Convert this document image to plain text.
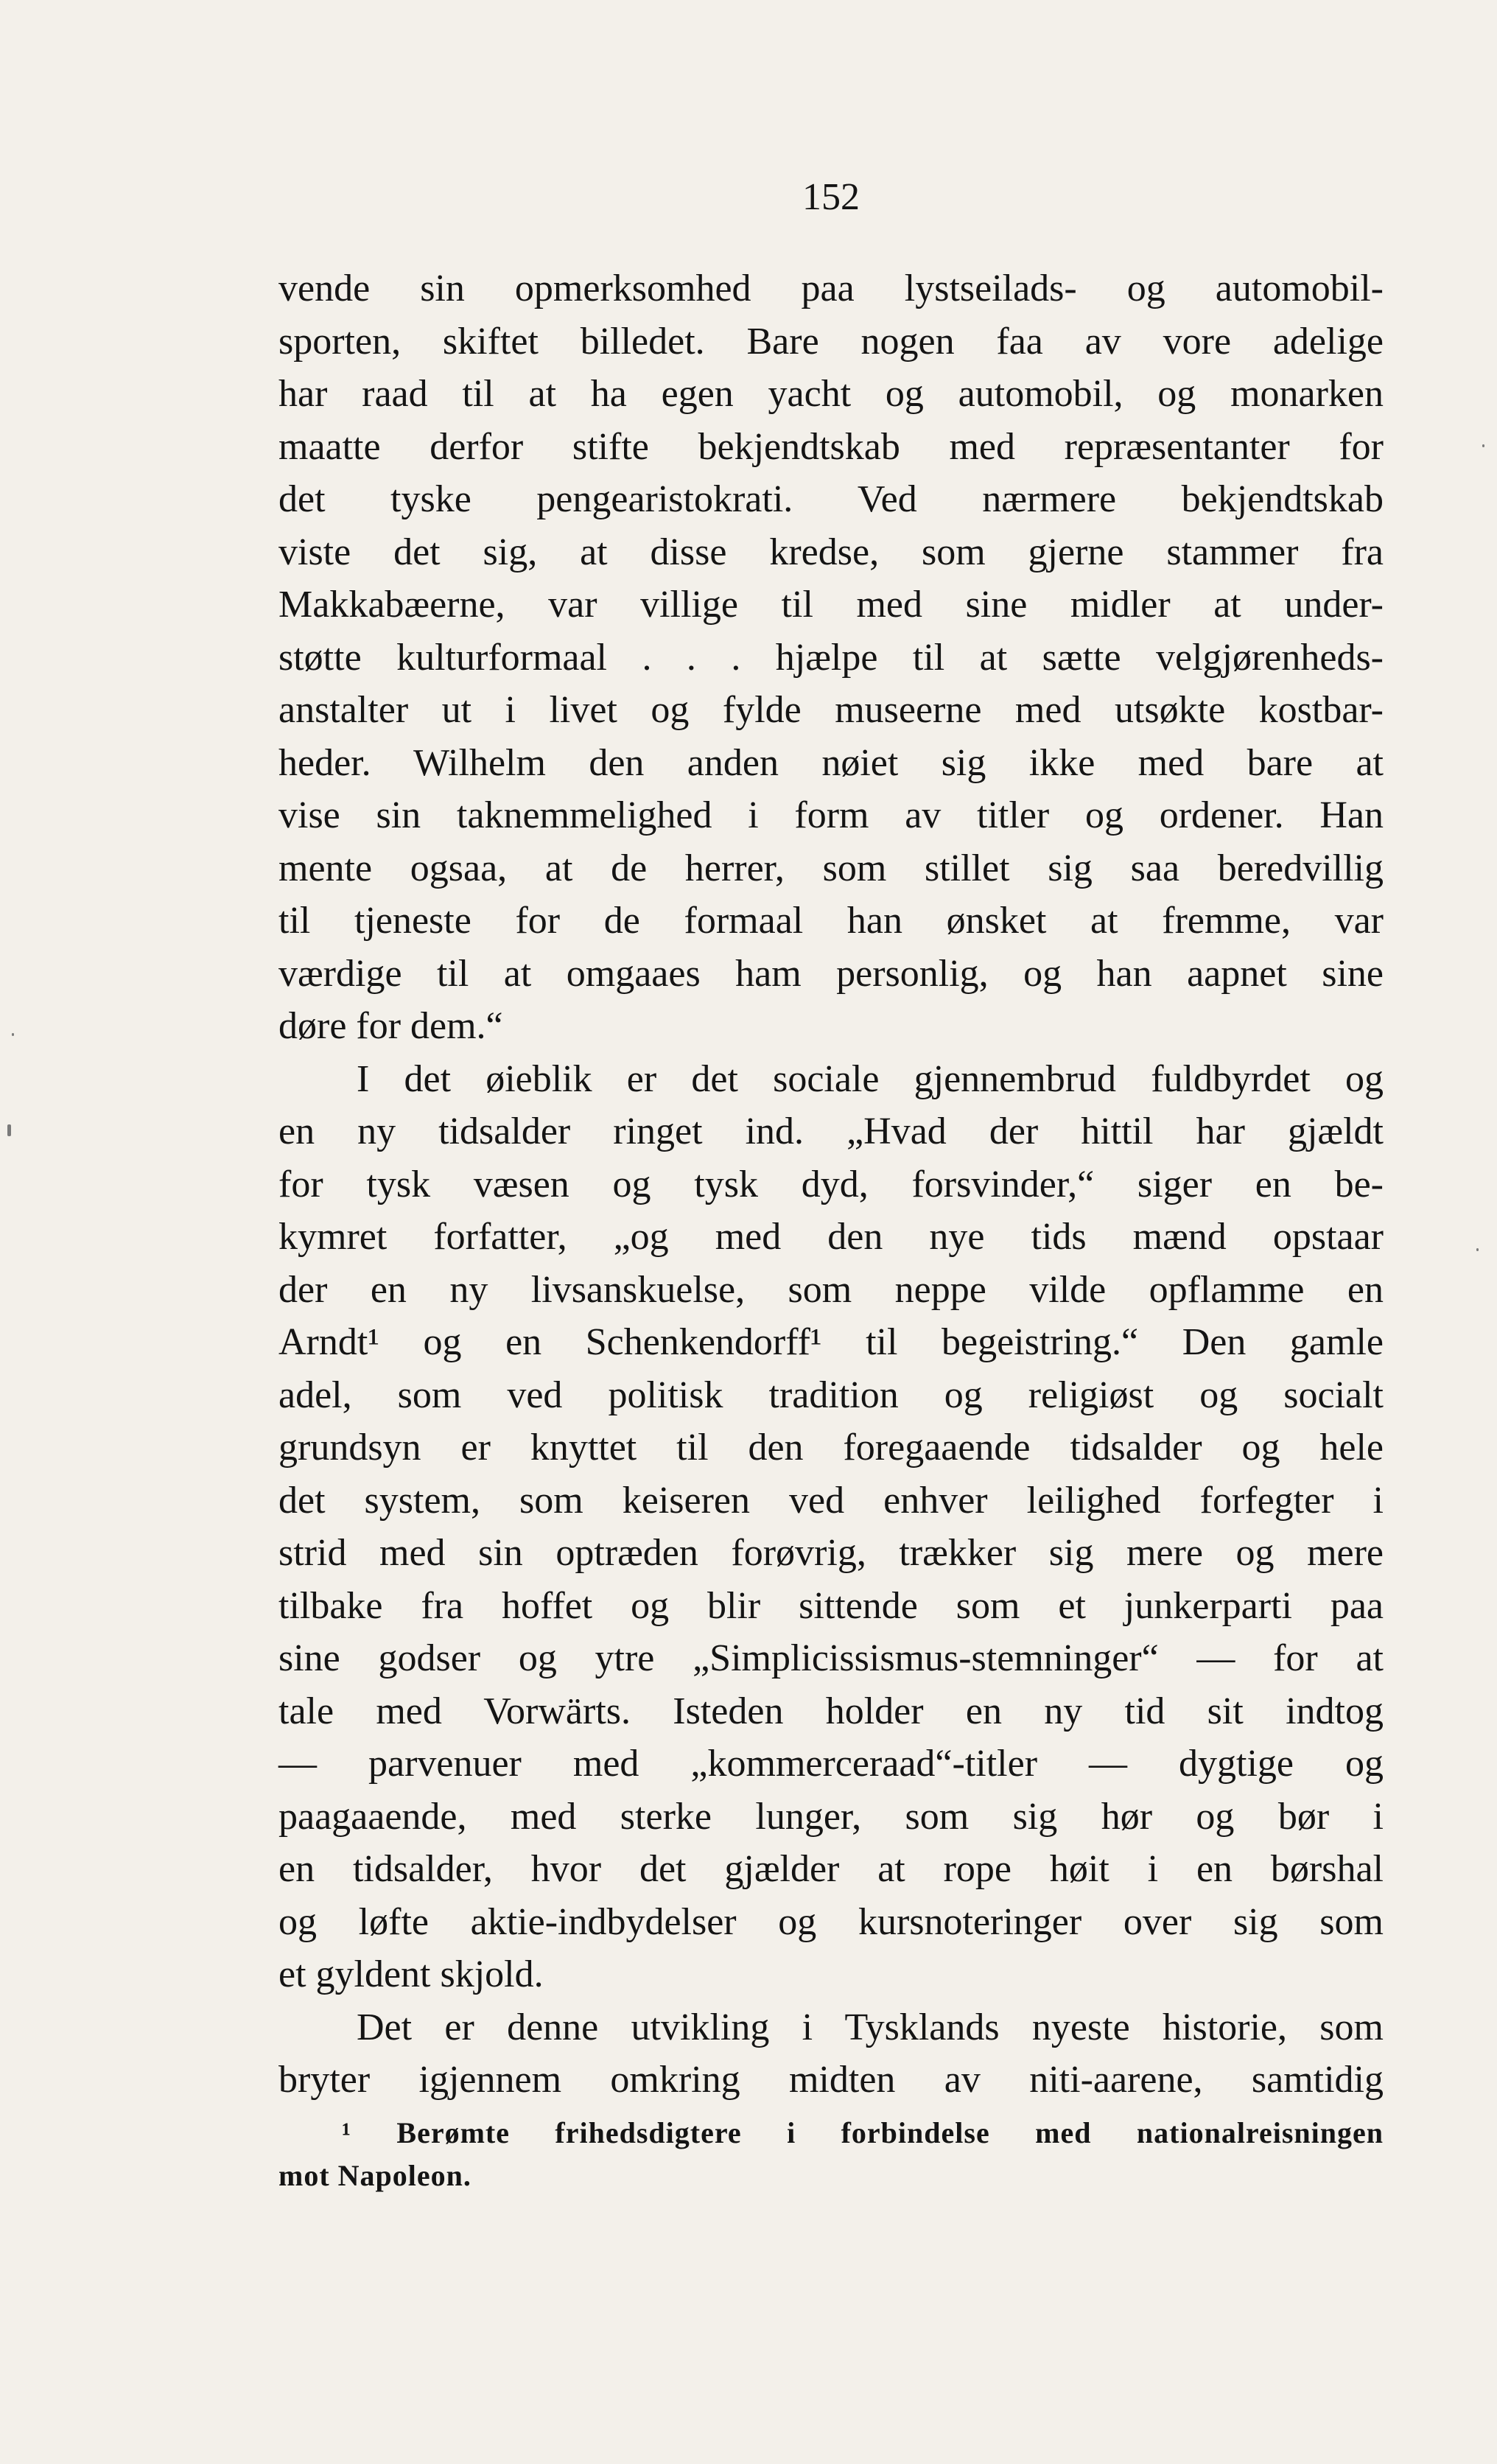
152
vende sin opmerksomhed paa lystseilads- og automobil-
sporten, skiftet billedet. Bare nogen faa av vore adelige
har raad til at ha egen yacht og automobil, og monarken
maatte derfor stifte bekjendtskab med repræsentanter for
det tyske pengearistokrati. Ved nærmere bekjendtskab
viste det sig, at disse kredse, som gjerne stammer fra
Makkabæerne, var villige til med sine midler at under-
støtte kulturformaal . . . hjælpe til at sætte velgjørenheds-
anstalter ut i livet og fylde museerne med utsøkte kostbar-
heder. Wilhelm den anden nøiet sig ikke med bare at
vise sin taknemmelighed i form av titler og ordener. Han
mente ogsaa, at de herrer, som stillet sig saa beredvillig
til tjeneste for de formaal han ønsket at fremme, var
værdige til at omgaaes ham personlig, og han aapnet sine
døre for dem.“
I det øieblik er det sociale gjennembrud fuldbyrdet og
en ny tidsalder ringet ind. „Hvad der hittil har gjældt
for tysk væsen og tysk dyd, forsvinder,“ siger en be-
kymret forfatter, „og med den nye tids mænd opstaar
der en ny livsanskuelse, som neppe vilde opflamme en
Arndt¹ og en Schenkendorff¹ til begeistring.“ Den gamle
adel, som ved politisk tradition og religiøst og socialt
grundsyn er knyttet til den foregaaende tidsalder og hele
det system, som keiseren ved enhver leilighed forfegter i
strid med sin optræden forøvrig, trækker sig mere og mere
tilbake fra hoffet og blir sittende som et junkerparti paa
sine godser og ytre „Simplicissismus-stemninger“ — for at
tale med Vorwärts. Isteden holder en ny tid sit indtog
— parvenuer med „kommerceraad“-titler — dygtige og
paagaaende, med sterke lunger, som sig hør og bør i
en tidsalder, hvor det gjælder at rope høit i en børshal
og løfte aktie-indbydelser og kursnoteringer over sig som
et gyldent skjold.
Det er denne utvikling i Tysklands nyeste historie, som
bryter igjennem omkring midten av niti-aarene, samtidig
¹ Berømte frihedsdigtere i forbindelse med nationalreisningen
mot Napoleon.
